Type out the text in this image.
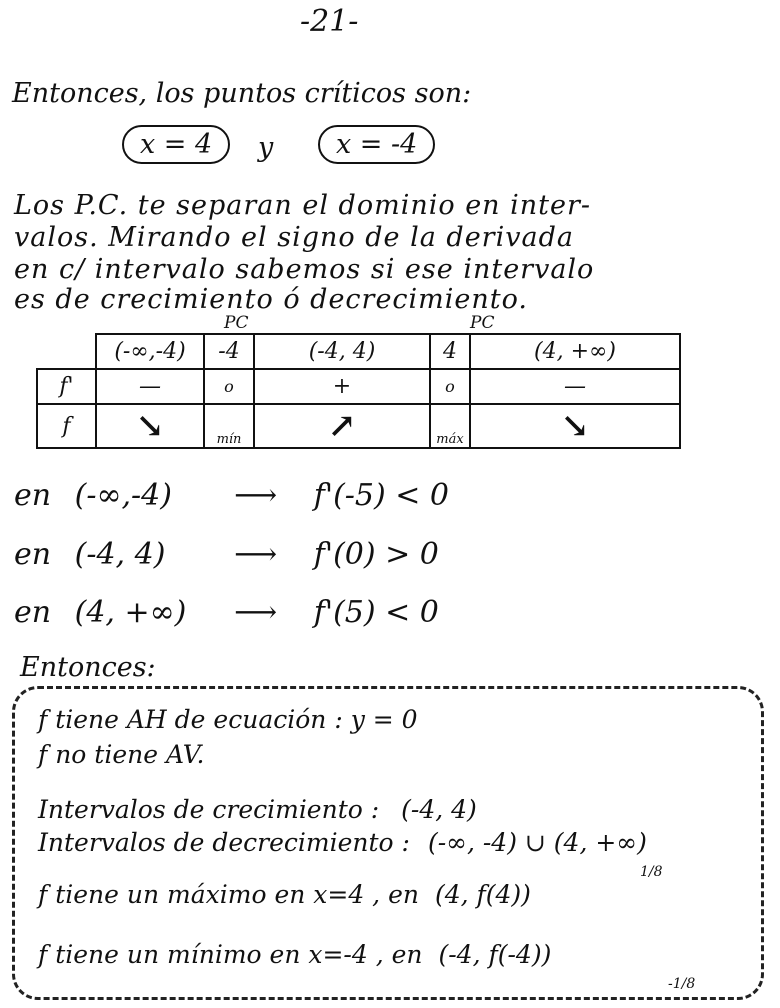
-21-
Entonces, los puntos críticos son:
x = 4	y	x = -4
Los P.C. te separan el dominio en inter-
valos. Mirando el signo de la derivada
en c/ intervalo sabemos si ese intervalo
es de crecimiento ó decrecimiento.
PC	PC
	(-∞,-4)	-4	(-4, 4)	4	(4, +∞)
f'	—	o	+	o	—
f	↘	mín	↗	máx	↘
en (-∞,-4) ⟶ f'(-5) < 0
en (-4, 4) ⟶ f'(0) > 0
en (4, +∞) ⟶ f'(5) < 0
Entonces:
f tiene AH de ecuación : y = 0
f no tiene AV.
Intervalos de crecimiento : (-4, 4)
Intervalos de decrecimiento : (-∞, -4) ∪ (4, +∞)
1/8
f tiene un máximo en x=4 , en (4, f(4))
f tiene un mínimo en x=-4 , en (-4, f(-4))
-1/8
